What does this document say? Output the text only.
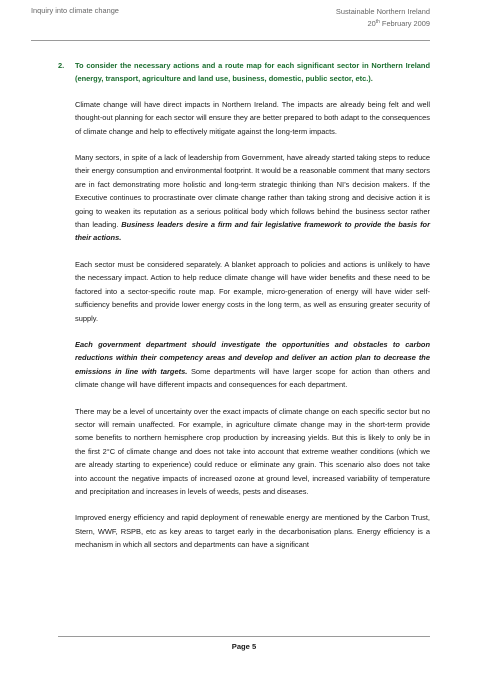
Inquiry into climate change	Sustainable Northern Ireland
20th February 2009
2. To consider the necessary actions and a route map for each significant sector in Northern Ireland (energy, transport, agriculture and land use, business, domestic, public sector, etc.).

Climate change will have direct impacts in Northern Ireland. The impacts are already being felt and well thought-out planning for each sector will ensure they are better prepared to both adapt to the consequences of climate change and help to effectively mitigate against the long-term impacts.

Many sectors, in spite of a lack of leadership from Government, have already started taking steps to reduce their energy consumption and environmental footprint. It would be a reasonable comment that many sectors are in fact demonstrating more holistic and long-term strategic thinking than NI’s decision makers. If the Executive continues to procrastinate over climate change rather than taking strong and decisive action it is going to weaken its reputation as a serious political body which follows behind the business sector rather than leading. Business leaders desire a firm and fair legislative framework to provide the basis for their actions.

Each sector must be considered separately. A blanket approach to policies and actions is unlikely to have the necessary impact. Action to help reduce climate change will have wider benefits and these need to be factored into a sector-specific route map. For example, micro-generation of energy will have wider self-sufficiency benefits and provide lower energy costs in the long term, as well as ensuring greater security of supply.

Each government department should investigate the opportunities and obstacles to carbon reductions within their competency areas and develop and deliver an action plan to decrease the emissions in line with targets. Some departments will have larger scope for action than others and climate change will have different impacts and consequences for each department.

There may be a level of uncertainty over the exact impacts of climate change on each specific sector but no sector will remain unaffected. For example, in agriculture climate change may in the short-term provide some benefits to northern hemisphere crop production by increasing yields. But this is likely to only be in the first 2°C of climate change and does not take into account that extreme weather conditions (which we are already starting to experience) could reduce or eliminate any grain. This scenario also does not take into account the negative impacts of increased ozone at ground level, increased variability of temperature and precipitation and increases in levels of weeds, pests and diseases.

Improved energy efficiency and rapid deployment of renewable energy are mentioned by the Carbon Trust, Stern, WWF, RSPB, etc as key areas to target early in the decarbonisation plans. Energy efficiency is a mechanism in which all sectors and departments can have a significant

Page 5
